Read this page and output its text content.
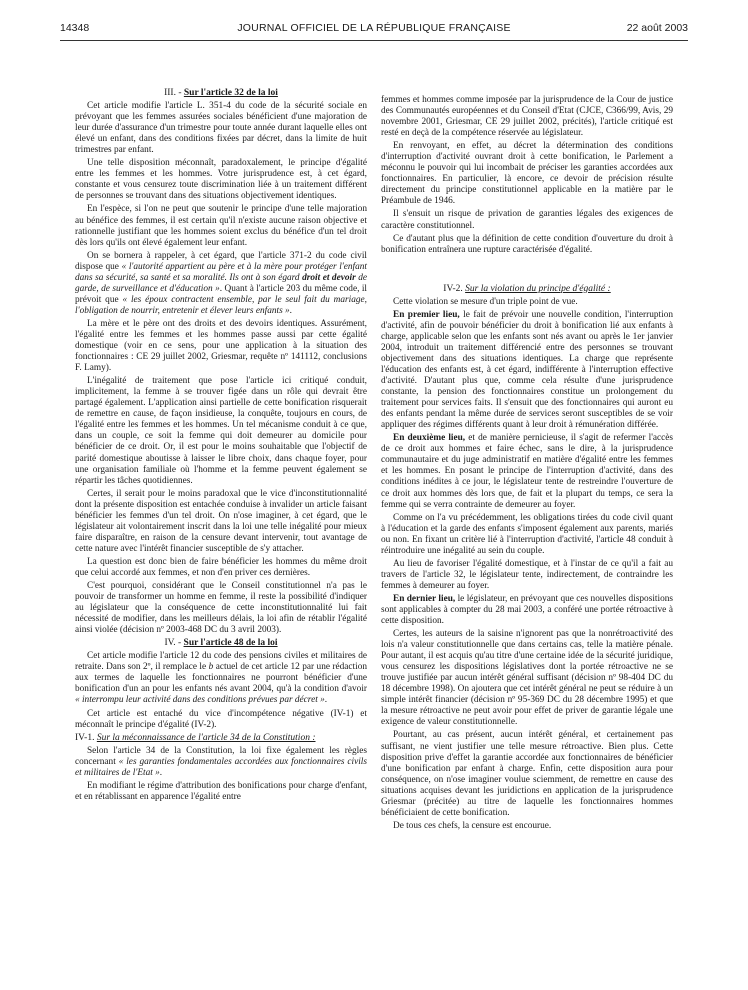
14348	JOURNAL OFFICIEL DE LA RÉPUBLIQUE FRANÇAISE	22 août 2003

III. - Sur l'article 32 de la loi

Cet article modifie l'article L. 351-4 du code de la sécurité sociale en prévoyant que les femmes assurées sociales bénéficient d'une majoration de leur durée d'assurance d'un trimestre pour toute année durant laquelle elles ont élevé un enfant, dans des conditions fixées par décret, dans la limite de huit trimestres par enfant.

Une telle disposition méconnaît, paradoxalement, le principe d'égalité entre les femmes et les hommes. Votre jurisprudence est, à cet égard, constante et vous censurez toute discrimination liée à un traitement différent de personnes se trouvant dans des situations objectivement identiques.

En l'espèce, si l'on ne peut que soutenir le principe d'une telle majoration au bénéfice des femmes, il est certain qu'il n'existe aucune raison objective et rationnelle justifiant que les hommes soient exclus du bénéfice d'un tel droit dès lors qu'ils ont élevé également leur enfant.

On se bornera à rappeler, à cet égard, que l'article 371-2 du code civil dispose que « l'autorité appartient au père et à la mère pour protéger l'enfant dans sa sécurité, sa santé et sa moralité. Ils ont à son égard droit et devoir de garde, de surveillance et d'éducation ». Quant à l'article 203 du même code, il prévoit que « les époux contractent ensemble, par le seul fait du mariage, l'obligation de nourrir, entretenir et élever leurs enfants ».

La mère et le père ont des droits et des devoirs identiques. Assurément, l'égalité entre les femmes et les hommes passe aussi par cette égalité domestique (voir en ce sens, pour une application à la situation des fonctionnaires : CE 29 juillet 2002, Griesmar, requête nº 141112, conclusions F. Lamy).

L'inégalité de traitement que pose l'article ici critiqué conduit, implicitement, la femme à se trouver figée dans un rôle qui devrait être partagé également. L'application ainsi partielle de cette bonification risquerait de remettre en cause, de façon insidieuse, la conquête, toujours en cours, de l'égalité entre les femmes et les hommes. Un tel mécanisme conduit à ce que, dans un couple, ce soit la femme qui doit demeurer au domicile pour bénéficier de ce droit. Or, il est pour le moins souhaitable que l'objectif de parité domestique aboutisse à laisser le libre choix, dans chaque foyer, pour une organisation familiale où l'homme et la femme peuvent également se répartir les tâches quotidiennes.

Certes, il serait pour le moins paradoxal que le vice d'inconstitutionnalité dont la présente disposition est entachée conduise à invalider un article faisant bénéficier les femmes d'un tel droit. On n'ose imaginer, à cet égard, que le législateur ait volontairement inscrit dans la loi une telle inégalité pour mieux faire disparaître, en raison de la censure devant intervenir, tout avantage de cette nature avec l'intérêt financier susceptible de s'y attacher.

La question est donc bien de faire bénéficier les hommes du même droit que celui accordé aux femmes, et non d'en priver ces dernières.

C'est pourquoi, considérant que le Conseil constitutionnel n'a pas le pouvoir de transformer un homme en femme, il reste la possibilité d'indiquer au législateur que la conséquence de cette inconstitutionnalité lui fait nécessité de modifier, dans les meilleurs délais, la loi afin de rétablir l'égalité ainsi violée (décision nº 2003-468 DC du 3 avril 2003).

IV. - Sur l'article 48 de la loi

Cet article modifie l'article 12 du code des pensions civiles et militaires de retraite. Dans son 2º, il remplace le b actuel de cet article 12 par une rédaction aux termes de laquelle les fonctionnaires ne pourront bénéficier d'une bonification d'un an pour les enfants nés avant 2004, qu'à la condition d'avoir « interrompu leur activité dans des conditions prévues par décret ».

Cet article est entaché du vice d'incompétence négative (IV-1) et méconnaît le principe d'égalité (IV-2).

IV-1. Sur la méconnaissance de l'article 34 de la Constitution :

Selon l'article 34 de la Constitution, la loi fixe également les règles concernant « les garanties fondamentales accordées aux fonctionnaires civils et militaires de l'Etat ».

En modifiant le régime d'attribution des bonifications pour charge d'enfant, et en rétablissant en apparence l'égalité entre

femmes et hommes comme imposée par la jurisprudence de la Cour de justice des Communautés européennes et du Conseil d'Etat (CJCE, C366/99, Avis, 29 novembre 2001, Griesmar, CE 29 juillet 2002, précités), l'article critiqué est resté en deçà de la compétence réservée au législateur.

En renvoyant, en effet, au décret la détermination des conditions d'interruption d'activité ouvrant droit à cette bonification, le Parlement a méconnu le pouvoir qui lui incombait de préciser les garanties accordées aux fonctionnaires. En particulier, là encore, ce devoir de précision résulte directement du principe constitutionnel applicable en la matière par le Préambule de 1946.

Il s'ensuit un risque de privation de garanties légales des exigences de caractère constitutionnel.

Ce d'autant plus que la définition de cette condition d'ouverture du droit à bonification entraînera une rupture caractérisée d'égalité.

IV-2. Sur la violation du principe d'égalité :

Cette violation se mesure d'un triple point de vue.

En premier lieu, le fait de prévoir une nouvelle condition, l'interruption d'activité, afin de pouvoir bénéficier du droit à bonification lié aux enfants à charge, applicable selon que les enfants sont nés avant ou après le 1er janvier 2004, introduit un traitement différencié entre des personnes se trouvant objectivement dans des situations identiques. La charge que représente l'éducation des enfants est, à cet égard, indifférente à l'interruption effective d'activité. D'autant plus que, comme cela résulte d'une jurisprudence constante, la pension des fonctionnaires constitue un prolongement du traitement pour services faits. Il s'ensuit que des fonctionnaires qui auront eu des enfants pendant la même durée de services seront susceptibles de se voir appliquer des régimes différents quant à leur droit à rémunération différée.

En deuxième lieu, et de manière pernicieuse, il s'agit de refermer l'accès de ce droit aux hommes et faire échec, sans le dire, à la jurisprudence communautaire et du juge administratif en matière d'égalité entre les femmes et les hommes. En posant le principe de l'interruption d'activité, dans des conditions inédites à ce jour, le législateur tente de restreindre l'ouverture de ce droit aux hommes dès lors que, de fait et la plupart du temps, ce sera la femme qui se verra contrainte de demeurer au foyer.

Comme on l'a vu précédemment, les obligations tirées du code civil quant à l'éducation et la garde des enfants s'imposent également aux parents, mariés ou non. En fixant un critère lié à l'interruption d'activité, l'article 48 conduit à réintroduire une inégalité au sein du couple.

Au lieu de favoriser l'égalité domestique, et à l'instar de ce qu'il a fait au travers de l'article 32, le législateur tente, indirectement, de contraindre les femmes à demeurer au foyer.

En dernier lieu, le législateur, en prévoyant que ces nouvelles dispositions sont applicables à compter du 28 mai 2003, a conféré une portée rétroactive à cette disposition.

Certes, les auteurs de la saisine n'ignorent pas que la nonrétroactivité des lois n'a valeur constitutionnelle que dans certains cas, telle la matière pénale. Pour autant, il est acquis qu'au titre d'une certaine idée de la sécurité juridique, vous censurez les dispositions législatives dont la portée rétroactive ne se trouve justifiée par aucun intérêt général suffisant (décision nº 98-404 DC du 18 décembre 1998). On ajoutera que cet intérêt général ne peut se réduire à un simple intérêt financier (décision nº 95-369 DC du 28 décembre 1995) et que la mesure rétroactive ne peut avoir pour effet de priver de garantie légale une exigence de valeur constitutionnelle.

Pourtant, au cas présent, aucun intérêt général, et certainement pas suffisant, ne vient justifier une telle mesure rétroactive. Bien plus. Cette disposition prive d'effet la garantie accordée aux fonctionnaires de bénéficier d'une bonification par enfant à charge. Enfin, cette disposition aura pour conséquence, on n'ose imaginer voulue sciemment, de remettre en cause des situations acquises devant les juridictions en application de la jurisprudence Griesmar (précitée) au titre de laquelle les fonctionnaires hommes bénéficiaient de cette bonification.

De tous ces chefs, la censure est encourue.
